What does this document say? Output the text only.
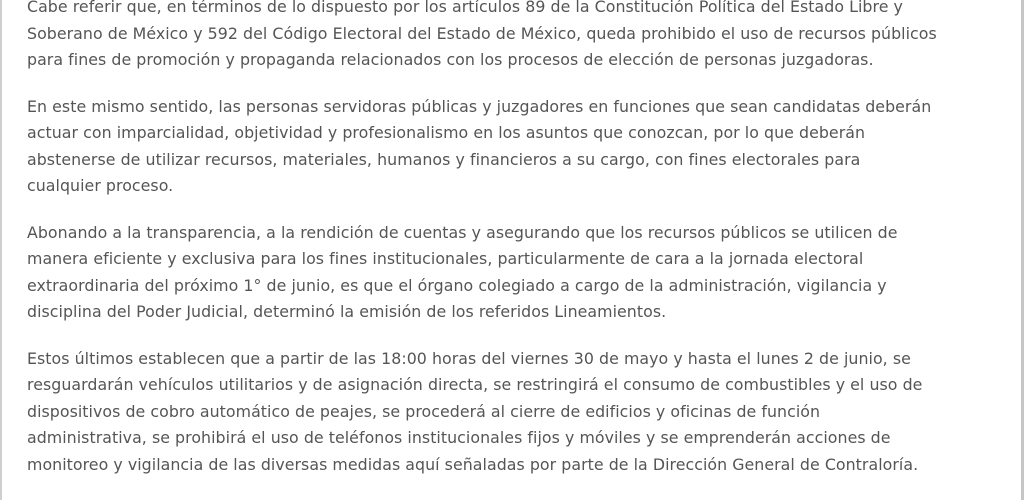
Cabe referir que, en términos de lo dispuesto por los artículos 89 de la Constitución Política del Estado Libre y
Soberano de México y 592 del Código Electoral del Estado de México, queda prohibido el uso de recursos públicos
para fines de promoción y propaganda relacionados con los procesos de elección de personas juzgadoras.

En este mismo sentido, las personas servidoras públicas y juzgadores en funciones que sean candidatas deberán
actuar con imparcialidad, objetividad y profesionalismo en los asuntos que conozcan, por lo que deberán
abstenerse de utilizar recursos, materiales, humanos y financieros a su cargo, con fines electorales para
cualquier proceso.

Abonando a la transparencia, a la rendición de cuentas y asegurando que los recursos públicos se utilicen de
manera eficiente y exclusiva para los fines institucionales, particularmente de cara a la jornada electoral
extraordinaria del próximo 1° de junio, es que el órgano colegiado a cargo de la administración, vigilancia y
disciplina del Poder Judicial, determinó la emisión de los referidos Lineamientos.

Estos últimos establecen que a partir de las 18:00 horas del viernes 30 de mayo y hasta el lunes 2 de junio, se
resguardarán vehículos utilitarios y de asignación directa, se restringirá el consumo de combustibles y el uso de
dispositivos de cobro automático de peajes, se procederá al cierre de edificios y oficinas de función
administrativa, se prohibirá el uso de teléfonos institucionales fijos y móviles y se emprenderán acciones de
monitoreo y vigilancia de las diversas medidas aquí señaladas por parte de la Dirección General de Contraloría.
